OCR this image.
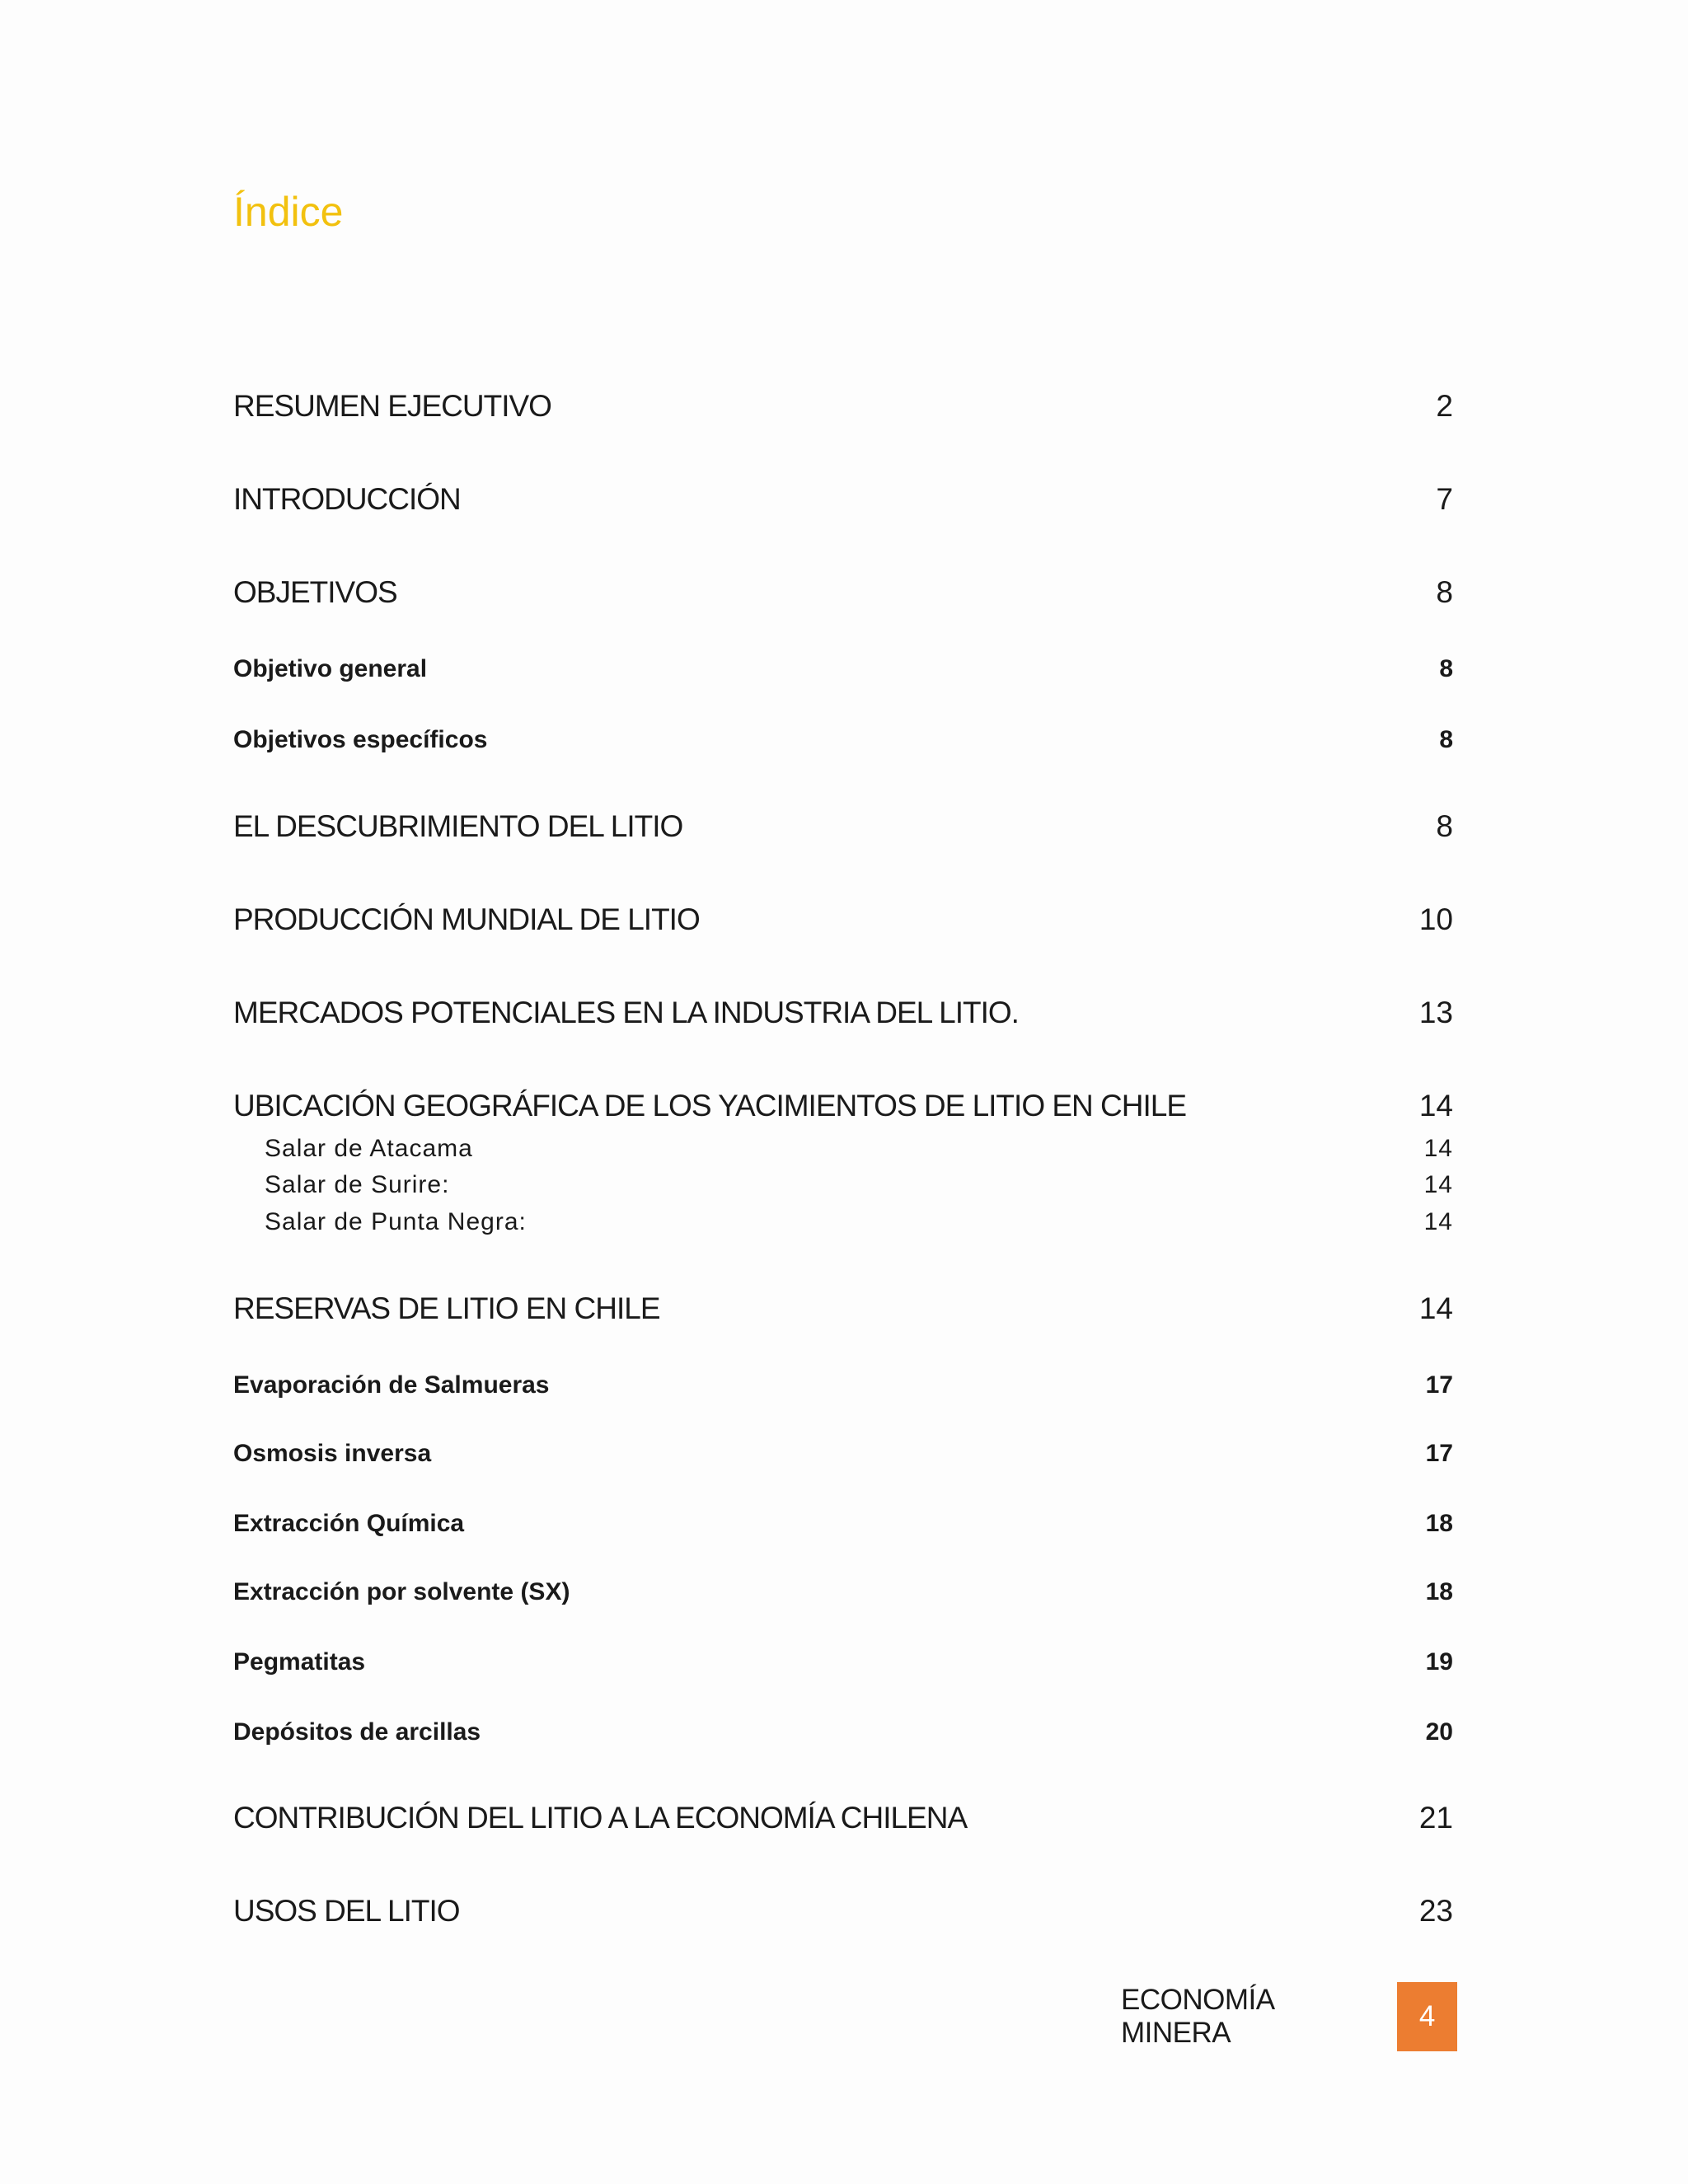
Índice
RESUMEN EJECUTIVO	2
INTRODUCCIÓN	7
OBJETIVOS	8
Objetivo general	8
Objetivos específicos	8
EL DESCUBRIMIENTO DEL LITIO	8
PRODUCCIÓN MUNDIAL DE LITIO	10
MERCADOS POTENCIALES EN LA INDUSTRIA DEL LITIO.	13
UBICACIÓN GEOGRÁFICA DE LOS YACIMIENTOS DE LITIO EN CHILE	14
Salar de Atacama	14
Salar de Surire:	14
Salar de Punta Negra:	14
RESERVAS DE LITIO EN CHILE	14
Evaporación de Salmueras	17
Osmosis inversa	17
Extracción Química	18
Extracción por solvente (SX)	18
Pegmatitas	19
Depósitos de arcillas	20
CONTRIBUCIÓN DEL LITIO A LA ECONOMÍA CHILENA	21
USOS DEL LITIO	23
ECONOMÍA MINERA
4
